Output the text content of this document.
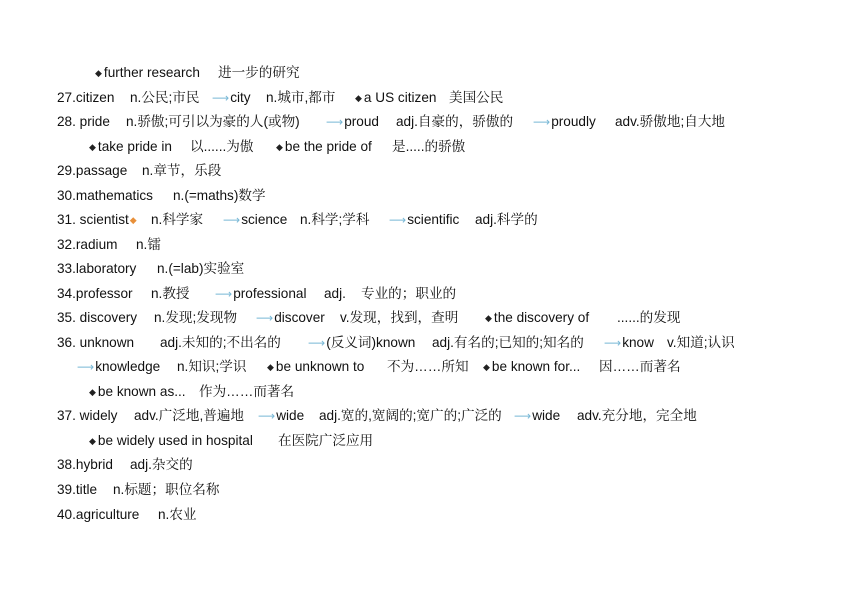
◆ further research 进一步的研究
27.citizen n.公民;市民 ⟶city n.城市,都市 ◆ a US citizen 美国公民
28. pride n.骄傲;可引以为豪的人(或物) ⟶proud adj.自豪的，骄傲的 ⟶proudly adv.骄傲地;自大地
◆ take pride in 以......为傲	◆ be the pride of 是.....的骄傲
29.passage n.章节，乐段
30.mathematics n.(=maths)数学
31. scientist◆ n.科学家 ⟶science n.科学;学科 ⟶scientific adj.科学的
32.radium n.镭
33.laboratory n.(=lab)实验室
34.professor n.教授 ⟶professional adj. 专业的；职业的
35. discovery n.发现;发现物 ⟶discover v.发现，找到，查明	◆ the discovery of ......的发现
36. unknown adj.未知的;不出名的 ⟶(反义词)known adj.有名的;已知的;知名的 ⟶know v.知道;认识
⟶knowledge n.知识;学识 ◆ be unknown to 不为……所知 ◆ be known for... 因……而著名
◆ be known as... 作为……而著名
37. widely adv.广泛地,普遍地 ⟶wide adj.宽的,宽阔的;宽广的;广泛的 ⟶wide adv.充分地，完全地
◆ be widely used in hospital 在医院广泛应用
38.hybrid adj.杂交的
39.title n.标题；职位名称
40.agriculture n.农业
